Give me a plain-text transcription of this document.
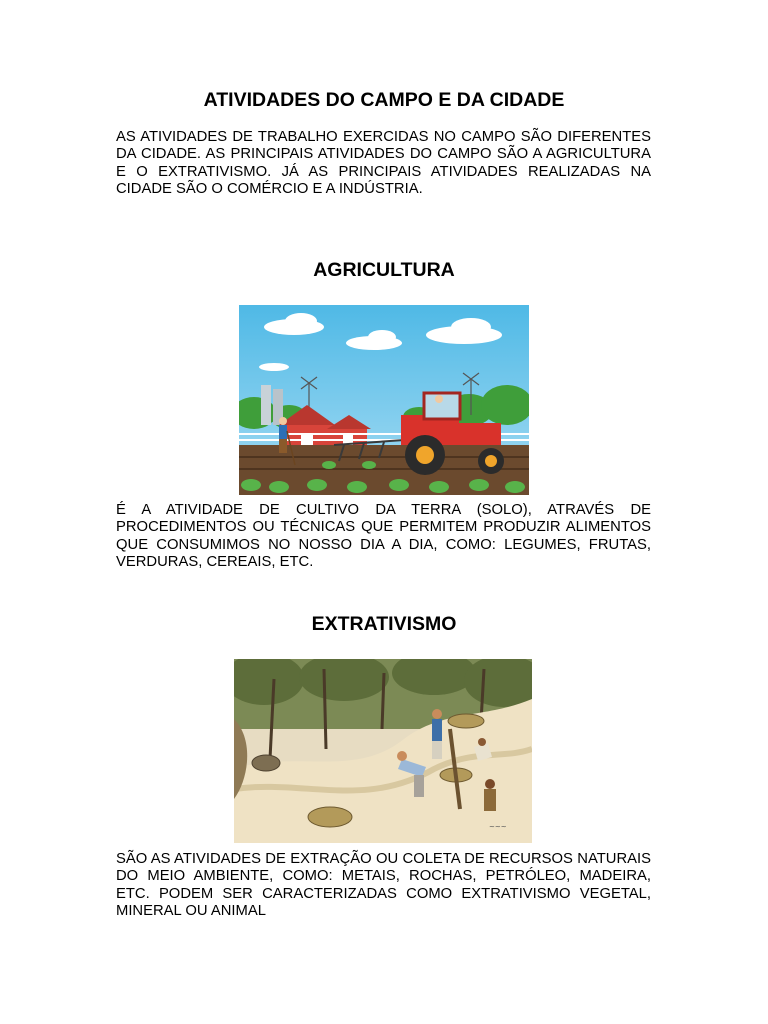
ATIVIDADES DO CAMPO E DA CIDADE

AS ATIVIDADES DE TRABALHO EXERCIDAS NO CAMPO SÃO DIFERENTES DA CIDADE. AS PRINCIPAIS ATIVIDADES DO CAMPO SÃO A AGRICULTURA E O EXTRATIVISMO. JÁ AS PRINCIPAIS ATIVIDADES REALIZADAS NA CIDADE SÃO O COMÉRCIO E A INDÚSTRIA.

AGRICULTURA

É A ATIVIDADE DE CULTIVO DA TERRA (SOLO), ATRAVÉS DE PROCEDIMENTOS OU TÉCNICAS QUE PERMITEM PRODUZIR ALIMENTOS QUE CONSUMIMOS NO NOSSO DIA A DIA, COMO: LEGUMES, FRUTAS, VERDURAS, CEREAIS, ETC.

EXTRATIVISMO
~~~

SÃO AS ATIVIDADES DE EXTRAÇÃO OU COLETA DE RECURSOS NATURAIS DO MEIO AMBIENTE, COMO: METAIS, ROCHAS, PETRÓLEO, MADEIRA, ETC. PODEM SER CARACTERIZADAS COMO EXTRATIVISMO VEGETAL, MINERAL OU ANIMAL
